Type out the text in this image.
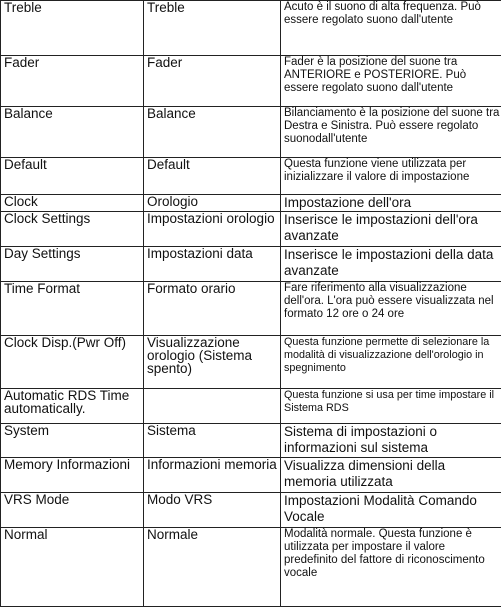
Treble	Treble	Acuto è il suono di alta frequenza. Può essere regolato suono dall'utente
Fader	Fader	Fader è la posizione del suone tra ANTERIORE e POSTERIORE. Può essere regolato suono dall'utente
Balance	Balance	Bilanciamento è la posizione del suone tra Destra e Sinistra. Può essere regolato suonodall'utente
Default	Default	Questa funzione viene utilizzata per inizializzare il valore di impostazione
Clock	Orologio	Impostazione dell'ora
Clock Settings	Impostazioni orologio	Inserisce le impostazioni dell'ora avanzate
Day Settings	Impostazioni data	Inserisce le impostazioni della data avanzate
Time Format	Formato orario	Fare riferimento alla visualizzazione dell'ora. L'ora può essere visualizzata nel formato 12 ore o 24 ore
Clock Disp.(Pwr Off)	Visualizzazione orologio (Sistema spento)	Questa funzione permette di selezionare la modalità di visualizzazione dell'orologio in spegnimento
Automatic RDS Time automatically.		Questa funzione si usa per time impostare il Sistema RDS
System	Sistema	Sistema di impostazioni o informazioni sul sistema
Memory Informazioni	Informazioni memoria	Visualizza dimensioni della memoria utilizzata
VRS Mode	Modo VRS	Impostazioni Modalità Comando Vocale
Normal	Normale	Modalità normale. Questa funzione è utilizzata per impostare il valore predefinito del fattore di riconoscimento vocale
